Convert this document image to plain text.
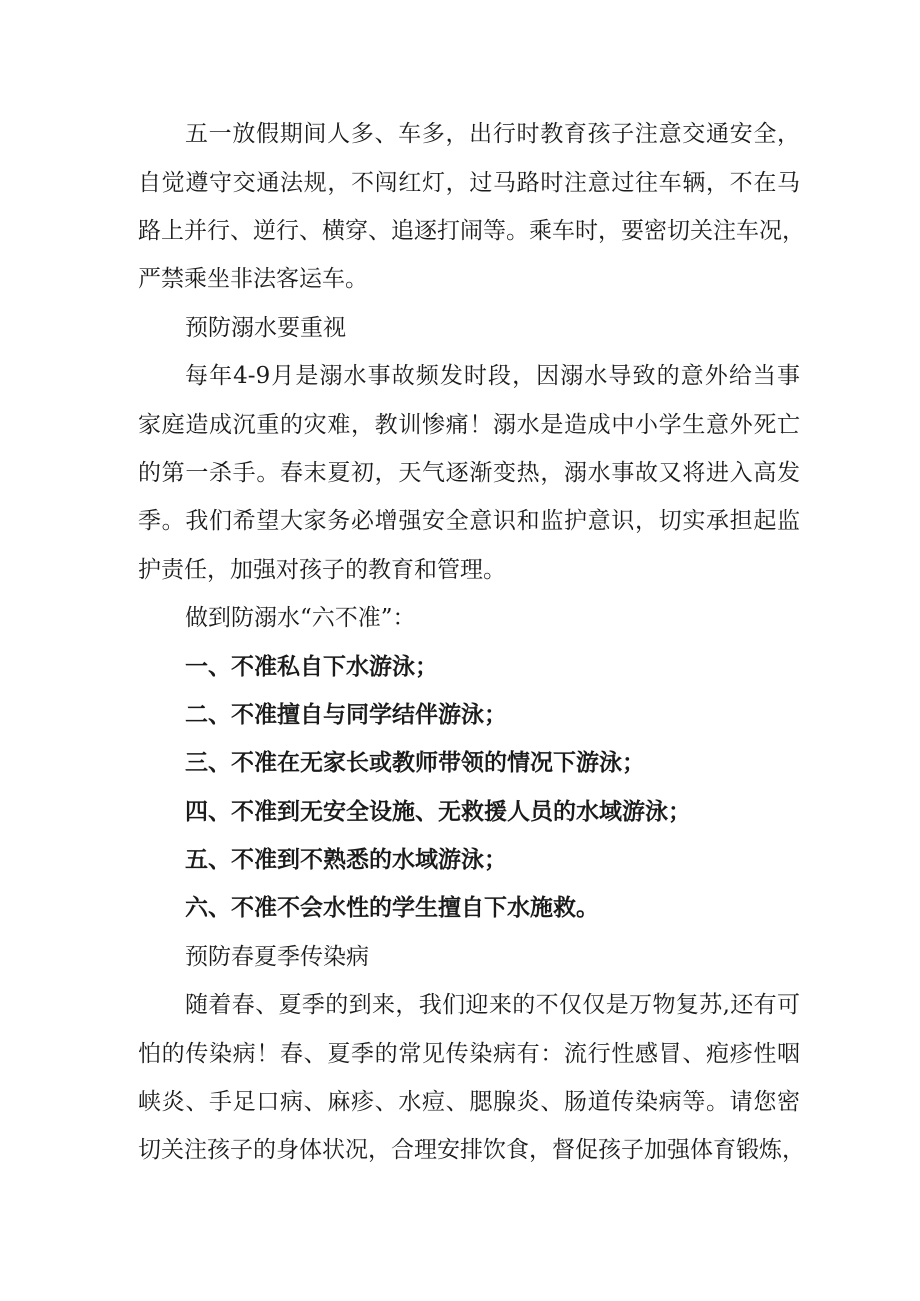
五一放假期间人多、车多，出行时教育孩子注意交通安全，
自觉遵守交通法规，不闯红灯，过马路时注意过往车辆，不在马
路上并行、逆行、横穿、追逐打闹等。乘车时，要密切关注车况，
严禁乘坐非法客运车。
预防溺水要重视
每年4-9月是溺水事故频发时段，因溺水导致的意外给当事
家庭造成沉重的灾难，教训惨痛！溺水是造成中小学生意外死亡
的第一杀手。春末夏初，天气逐渐变热，溺水事故又将进入高发
季。我们希望大家务必增强安全意识和监护意识，切实承担起监
护责任，加强对孩子的教育和管理。
做到防溺水“六不准”：
一、不准私自下水游泳；
二、不准擅自与同学结伴游泳；
三、不准在无家长或教师带领的情况下游泳；
四、不准到无安全设施、无救援人员的水域游泳；
五、不准到不熟悉的水域游泳；
六、不准不会水性的学生擅自下水施救。
预防春夏季传染病
随着春、夏季的到来，我们迎来的不仅仅是万物复苏,还有可
怕的传染病！春、夏季的常见传染病有：流行性感冒、疱疹性咽
峡炎、手足口病、麻疹、水痘、腮腺炎、肠道传染病等。请您密
切关注孩子的身体状况，合理安排饮食，督促孩子加强体育锻炼，
